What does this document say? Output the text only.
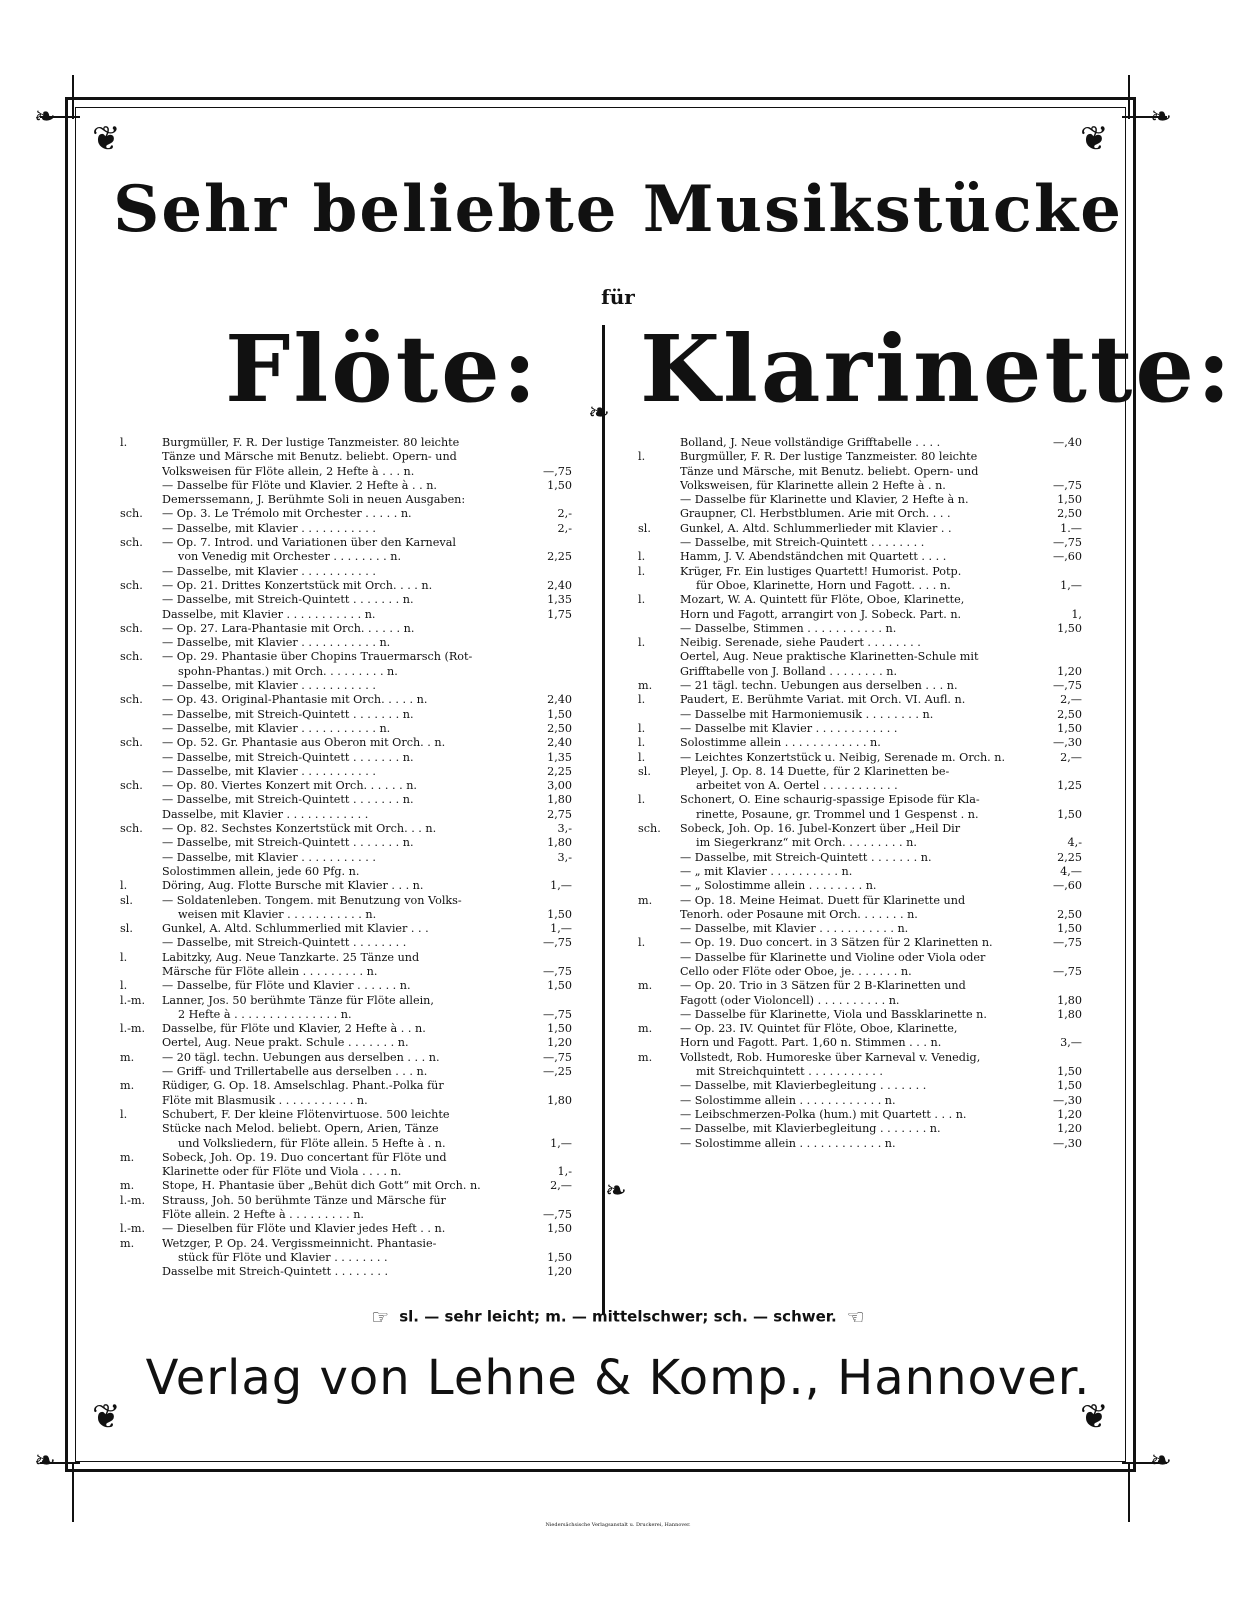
❧	❧
❧	❧
❦	❦
❦	❦
Sehr beliebte Musikstücke
für
Flöte: Klarinette:
❧
❧
l.	Burgmüller, F. R. Der lustige Tanzmeister. 80 leichte
Tänze und Märsche mit Benutz. beliebt. Opern- und
Volksweisen für Flöte allein, 2 Hefte à . . . n.	—,75
— Dasselbe für Flöte und Klavier. 2 Hefte à . . n.	1,50
Demerssemann, J. Berühmte Soli in neuen Ausgaben:
sch. — Op. 3. Le Trémolo mit Orchester . . . . . n.	2,-
— Dasselbe, mit Klavier . . . . . . . . . . .	2,-
sch. — Op. 7. Introd. und Variationen über den Karneval
von Venedig mit Orchester . . . . . . . . n.	2,25
— Dasselbe, mit Klavier . . . . . . . . . . .
sch. — Op. 21. Drittes Konzertstück mit Orch. . . . n.	2,40
— Dasselbe, mit Streich-Quintett . . . . . . . n.	1,35
Dasselbe, mit Klavier . . . . . . . . . . . n.	1,75
sch. — Op. 27. Lara-Phantasie mit Orch. . . . . . n.
— Dasselbe, mit Klavier . . . . . . . . . . . n.
sch. — Op. 29. Phantasie über Chopins Trauermarsch (Rot-
spohn-Phantas.) mit Orch. . . . . . . . . n.
— Dasselbe, mit Klavier . . . . . . . . . . .
sch. — Op. 43. Original-Phantasie mit Orch. . . . . n.	2,40
— Dasselbe, mit Streich-Quintett . . . . . . . n.	1,50
— Dasselbe, mit Klavier . . . . . . . . . . . n.	2,50
sch. — Op. 52. Gr. Phantasie aus Oberon mit Orch. . n.	2,40
— Dasselbe, mit Streich-Quintett . . . . . . . n.	1,35
— Dasselbe, mit Klavier . . . . . . . . . . .	2,25
sch. — Op. 80. Viertes Konzert mit Orch. . . . . . n.	3,00
— Dasselbe, mit Streich-Quintett . . . . . . . n.	1,80
Dasselbe, mit Klavier . . . . . . . . . . . .	2,75
sch. — Op. 82. Sechstes Konzertstück mit Orch. . . n.	3,-
— Dasselbe, mit Streich-Quintett . . . . . . . n.	1,80
— Dasselbe, mit Klavier . . . . . . . . . . .	3,-
Solostimmen allein, jede 60 Pfg. n.
l.	Döring, Aug. Flotte Bursche mit Klavier . . . n.	1,—
sl.	— Soldatenleben. Tongem. mit Benutzung von Volks-
weisen mit Klavier . . . . . . . . . . . n.	1,50
sl.	Gunkel, A. Altd. Schlummerlied mit Klavier . . .	1,—
— Dasselbe, mit Streich-Quintett . . . . . . . .	—,75
l.	Labitzky, Aug. Neue Tanzkarte. 25 Tänze und
Märsche für Flöte allein . . . . . . . . . n.	—,75
l.	— Dasselbe, für Flöte und Klavier . . . . . . n.	1,50
l.-m. Lanner, Jos. 50 berühmte Tänze für Flöte allein,
2 Hefte à . . . . . . . . . . . . . . . n.	—,75
l.-m. Dasselbe, für Flöte und Klavier, 2 Hefte à . . n.	1,50
Oertel, Aug. Neue prakt. Schule . . . . . . . n.	1,20
m. — 20 tägl. techn. Uebungen aus derselben . . . n.	—,75
— Griff- und Trillertabelle aus derselben . . . n.	—,25
m. Rüdiger, G. Op. 18. Amselschlag. Phant.-Polka für
Flöte mit Blasmusik . . . . . . . . . . . n.	1,80
l.	Schubert, F. Der kleine Flötenvirtuose. 500 leichte
Stücke nach Melod. beliebt. Opern, Arien, Tänze
und Volksliedern, für Flöte allein. 5 Hefte à . n.	1,—
m. Sobeck, Joh. Op. 19. Duo concertant für Flöte und
Klarinette oder für Flöte und Viola . . . . n.	1,-
m. Stope, H. Phantasie über „Behüt dich Gott“ mit Orch. n.	2,—
l.-m. Strauss, Joh. 50 berühmte Tänze und Märsche für
Flöte allein. 2 Hefte à . . . . . . . . . n.	—,75
l.-m. — Dieselben für Flöte und Klavier jedes Heft . . n.	1,50
m. Wetzger, P. Op. 24. Vergissmeinnicht. Phantasie-
stück für Flöte und Klavier . . . . . . . .	1,50
Dasselbe mit Streich-Quintett . . . . . . . .	1,20
Bolland, J. Neue vollständige Grifftabelle . . . .	—,40
l.	Burgmüller, F. R. Der lustige Tanzmeister. 80 leichte
Tänze und Märsche, mit Benutz. beliebt. Opern- und
Volksweisen, für Klarinette allein 2 Hefte à . n.	—,75
— Dasselbe für Klarinette und Klavier, 2 Hefte à n.	1,50
Graupner, Cl. Herbstblumen. Arie mit Orch. . . .	2,50
sl.	Gunkel, A. Altd. Schlummerlieder mit Klavier . .	1.—
— Dasselbe, mit Streich-Quintett . . . . . . . .	—,75
l.	Hamm, J. V. Abendständchen mit Quartett . . . .	—,60
l.	Krüger, Fr. Ein lustiges Quartett! Humorist. Potp.
für Oboe, Klarinette, Horn und Fagott. . . . n.	1,—
l.	Mozart, W. A. Quintett für Flöte, Oboe, Klarinette,
Horn und Fagott, arrangirt von J. Sobeck. Part. n.	1,
— Dasselbe, Stimmen . . . . . . . . . . . n.	1,50
l.	Neibig. Serenade, siehe Paudert . . . . . . . .
Oertel, Aug. Neue praktische Klarinetten-Schule mit
Grifftabelle von J. Bolland . . . . . . . . n.	1,20
m. — 21 tägl. techn. Uebungen aus derselben . . . n.	—,75
l.	Paudert, E. Berühmte Variat. mit Orch. VI. Aufl. n.	2,—
— Dasselbe mit Harmoniemusik . . . . . . . . n.	2,50
l.	— Dasselbe mit Klavier . . . . . . . . . . . .	1,50
l.	Solostimme allein . . . . . . . . . . . . n.	—,30
l.	— Leichtes Konzertstück u. Neibig, Serenade m. Orch. n.	2,—
sl.	Pleyel, J. Op. 8. 14 Duette, für 2 Klarinetten be-
arbeitet von A. Oertel . . . . . . . . . . .	1,25
l.	Schonert, O. Eine schaurig-spassige Episode für Kla-
rinette, Posaune, gr. Trommel und 1 Gespenst . n.	1,50
sch. Sobeck, Joh. Op. 16. Jubel-Konzert über „Heil Dir
im Siegerkranz“ mit Orch. . . . . . . . . n.	4,-
— Dasselbe, mit Streich-Quintett . . . . . . . n.	2,25
— „ mit Klavier . . . . . . . . . . n.	4,—
— „ Solostimme allein . . . . . . . . n.	—,60
m. — Op. 18. Meine Heimat. Duett für Klarinette und
Tenorh. oder Posaune mit Orch. . . . . . . n.	2,50
— Dasselbe, mit Klavier . . . . . . . . . . . n.	1,50
l.	— Op. 19. Duo concert. in 3 Sätzen für 2 Klarinetten n.	—,75
— Dasselbe für Klarinette und Violine oder Viola oder
Cello oder Flöte oder Oboe, je. . . . . . . n.	—,75
m. — Op. 20. Trio in 3 Sätzen für 2 B-Klarinetten und
Fagott (oder Violoncell) . . . . . . . . . . n.	1,80
— Dasselbe für Klarinette, Viola und Bassklarinette n.	1,80
m. — Op. 23. IV. Quintet für Flöte, Oboe, Klarinette,
Horn und Fagott. Part. 1,60 n. Stimmen . . . n.	3,—
m. Vollstedt, Rob. Humoreske über Karneval v. Venedig,
mit Streichquintett . . . . . . . . . . .	1,50
— Dasselbe, mit Klavierbegleitung . . . . . . .	1,50
— Solostimme allein . . . . . . . . . . . . n.	—,30
— Leibschmerzen-Polka (hum.) mit Quartett . . . n.	1,20
— Dasselbe, mit Klavierbegleitung . . . . . . . n.	1,20
— Solostimme allein . . . . . . . . . . . . n.	—,30
☞ sl. — sehr leicht; m. — mittelschwer; sch. — schwer. ☜
Verlag von Lehne & Komp., Hannover.
Niedersächsische Verlagsanstalt u. Druckerei, Hannover.
